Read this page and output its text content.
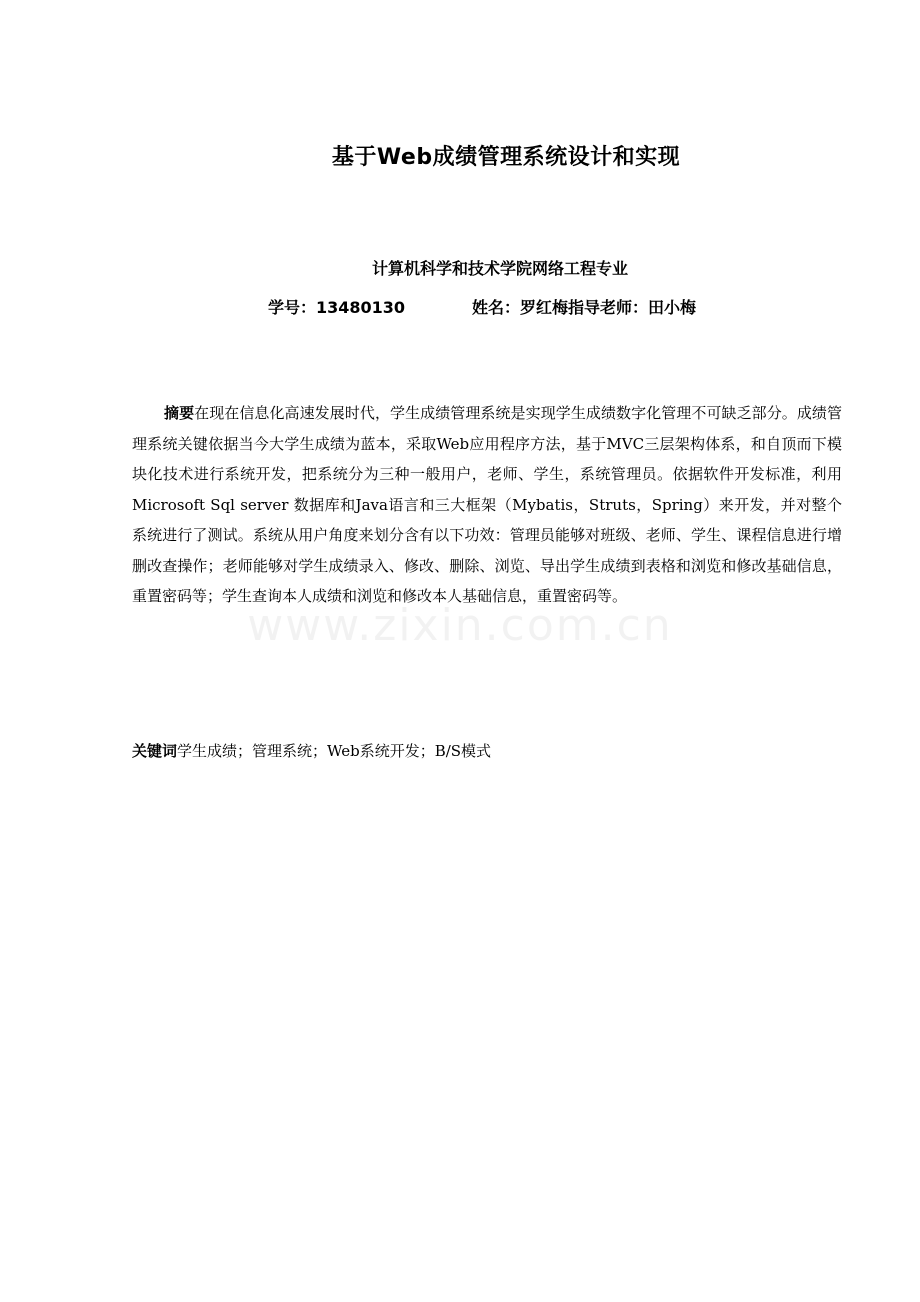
基于Web成绩管理系统设计和实现
计算机科学和技术学院网络工程专业
学号：13480130	姓名：罗红梅指导老师：田小梅

摘要在现在信息化高速发展时代，学生成绩管理系统是实现学生成绩数字化管理不可缺乏部分。成绩管理系统关键依据当今大学生成绩为蓝本，采取Web应用程序方法，基于MVC三层架构体系，和自顶而下模块化技术进行系统开发，把系统分为三种一般用户，老师、学生，系统管理员。依据软件开发标准，利用Microsoft Sql server 数据库和Java语言和三大框架（Mybatis，Struts，Spring）来开发，并对整个系统进行了测试。系统从用户角度来划分含有以下功效：管理员能够对班级、老师、学生、课程信息进行增删改查操作；老师能够对学生成绩录入、修改、删除、浏览、导出学生成绩到表格和浏览和修改基础信息，重置密码等；学生查询本人成绩和浏览和修改本人基础信息，重置密码等。

关键词学生成绩；管理系统；Web系统开发；B/S模式
www.zixin.com.cn
